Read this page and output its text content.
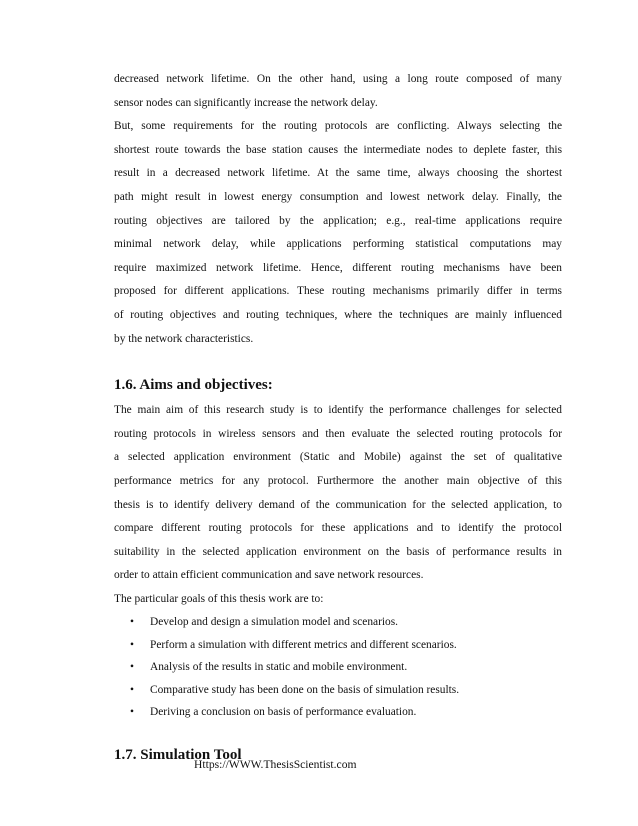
decreased network lifetime. On the other hand, using a long route composed of many
sensor nodes can significantly increase the network delay.
But, some requirements for the routing protocols are conflicting. Always selecting the
shortest route towards the base station causes the intermediate nodes to deplete faster, this
result in a decreased network lifetime. At the same time, always choosing the shortest
path might result in lowest energy consumption and lowest network delay. Finally, the
routing objectives are tailored by the application; e.g., real-time applications require
minimal network delay, while applications performing statistical computations may
require maximized network lifetime. Hence, different routing mechanisms have been
proposed for different applications. These routing mechanisms primarily differ in terms
of routing objectives and routing techniques, where the techniques are mainly influenced
by the network characteristics.
1.6. Aims and objectives:
The main aim of this research study is to identify the performance challenges for selected
routing protocols in wireless sensors and then evaluate the selected routing protocols for
a selected application environment (Static and Mobile) against the set of qualitative
performance metrics for any protocol. Furthermore the another main objective of this
thesis is to identify delivery demand of the communication for the selected application, to
compare different routing protocols for these applications and to identify the protocol
suitability in the selected application environment on the basis of performance results in
order to attain efficient communication and save network resources.
The particular goals of this thesis work are to:
• Develop and design a simulation model and scenarios.
• Perform a simulation with different metrics and different scenarios.
• Analysis of the results in static and mobile environment.
• Comparative study has been done on the basis of simulation results.
• Deriving a conclusion on basis of performance evaluation.
1.7. Simulation Tool
Https://WWW.ThesisScientist.com
